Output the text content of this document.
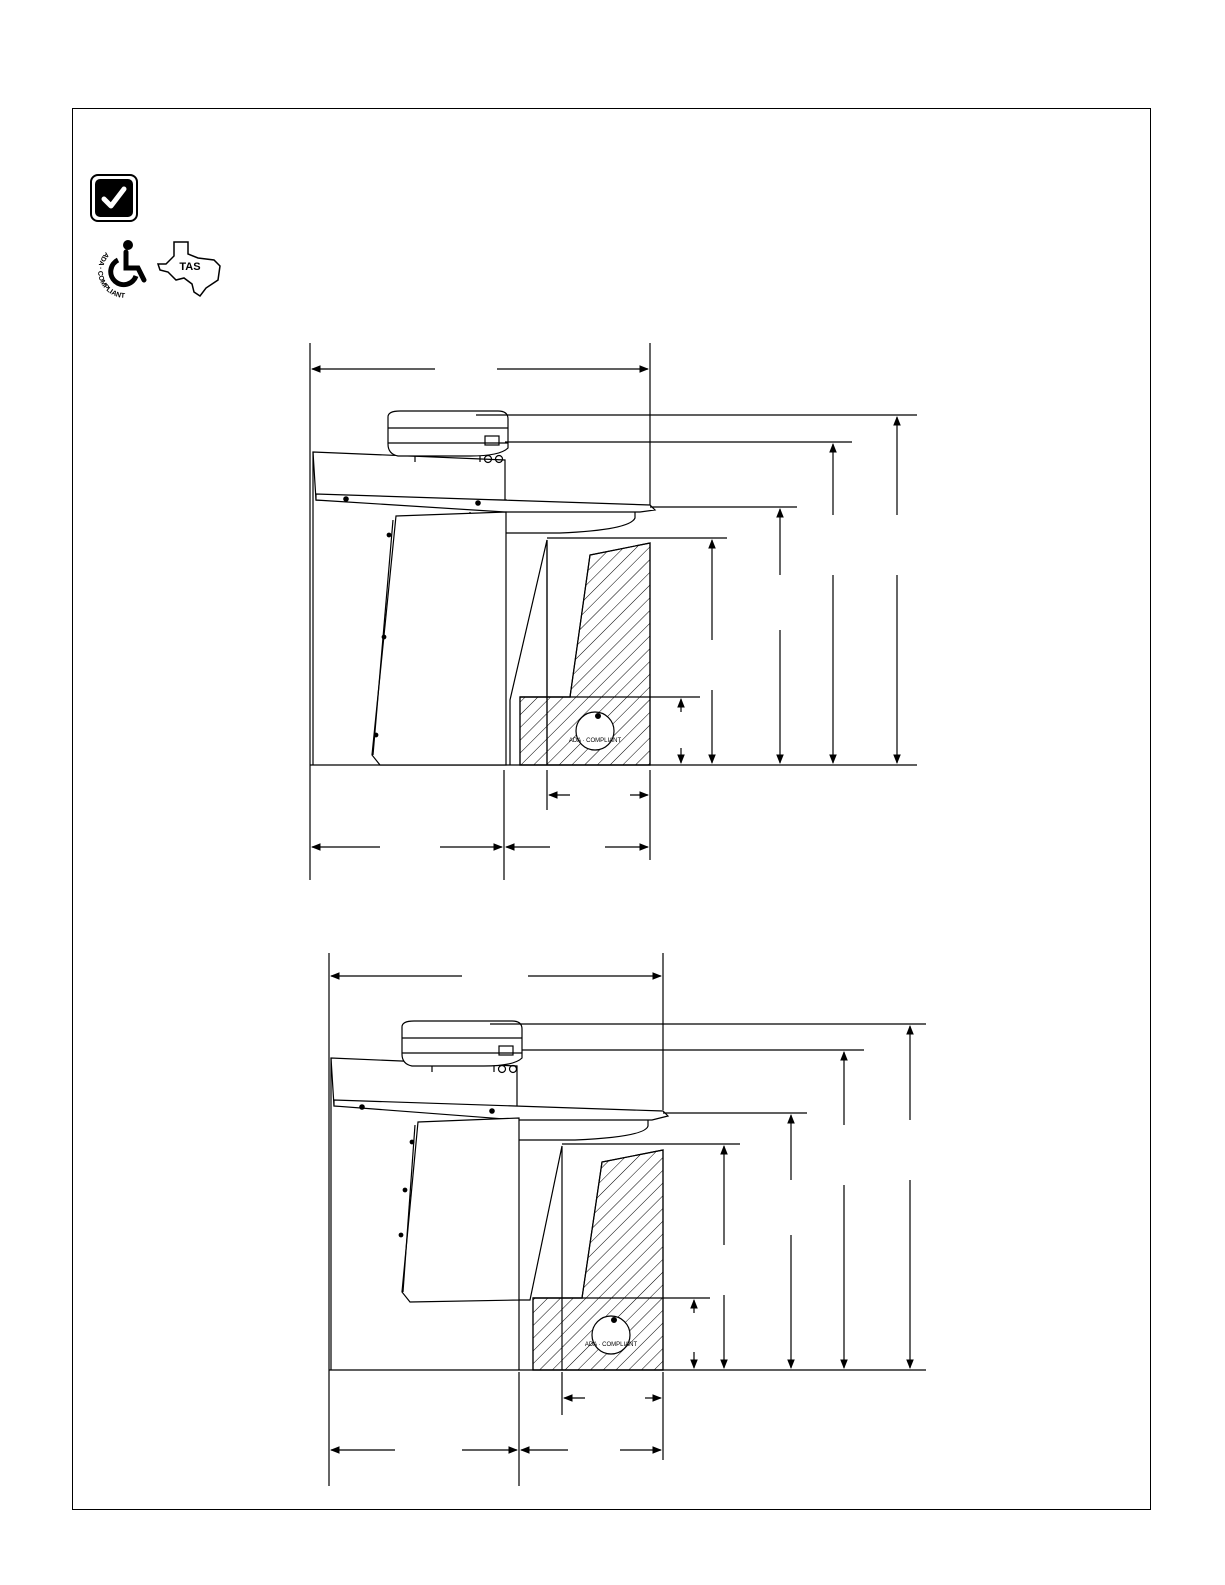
ADA · COMPLIANT
TAS
ADA · COMPLIANT
ADA · COMPLIANT
